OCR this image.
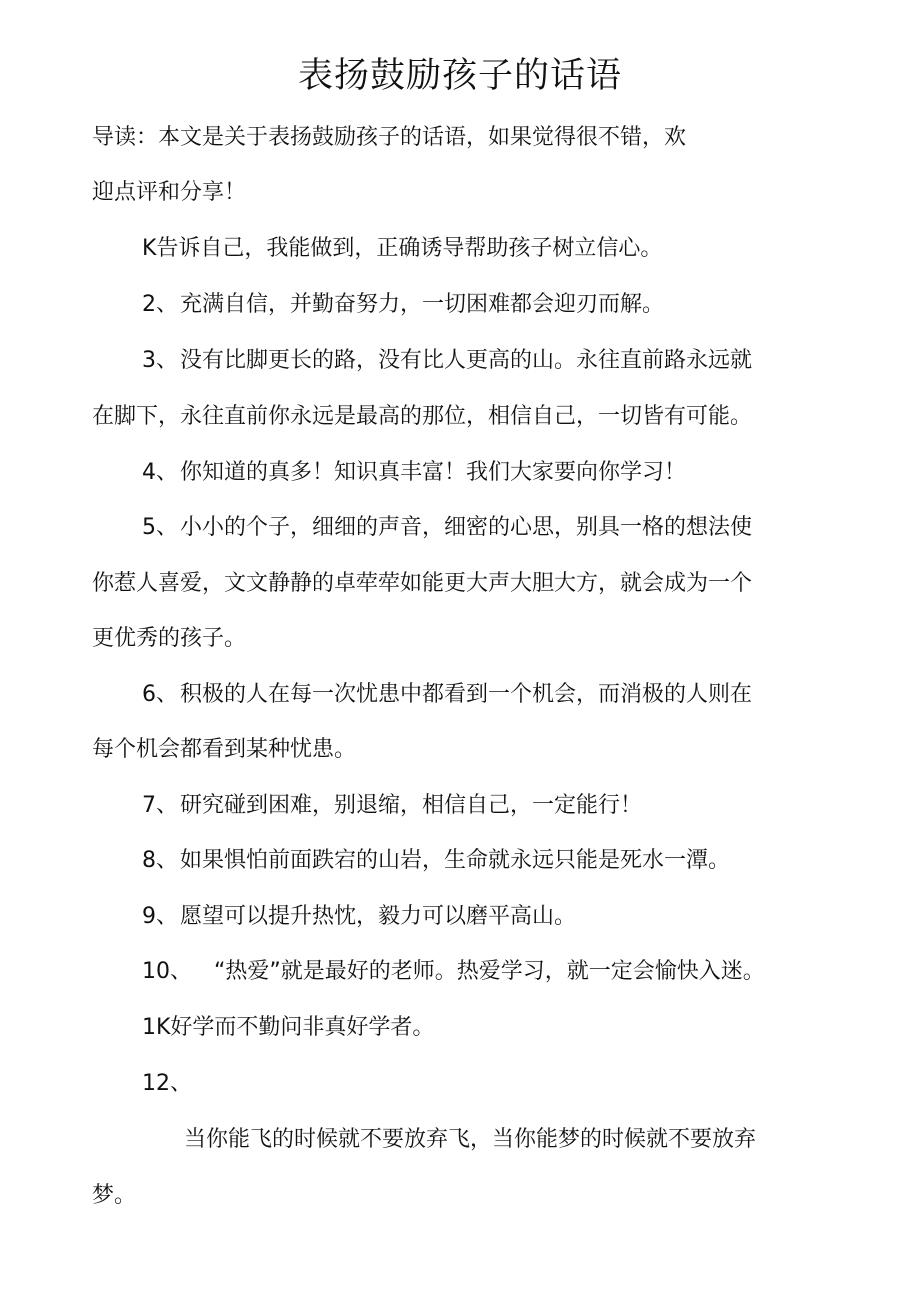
表扬鼓励孩子的话语
导读：本文是关于表扬鼓励孩子的话语，如果觉得很不错，欢
迎点评和分享！
K告诉自己，我能做到，正确诱导帮助孩子树立信心。
2、充满自信，并勤奋努力，一切困难都会迎刃而解。
3、没有比脚更长的路，没有比人更高的山。永往直前路永远就
在脚下，永往直前你永远是最高的那位，相信自己，一切皆有可能。
4、你知道的真多！知识真丰富！我们大家要向你学习！
5、小小的个子，细细的声音，细密的心思，别具一格的想法使
你惹人喜爱，文文静静的卓荦荦如能更大声大胆大方，就会成为一个
更优秀的孩子。
6、积极的人在每一次忧患中都看到一个机会，而消极的人则在
每个机会都看到某种忧患。
7、研究碰到困难，别退缩，相信自己，一定能行！
8、如果惧怕前面跌宕的山岩，生命就永远只能是死水一潭。
9、愿望可以提升热忱，毅力可以磨平高山。
10、 “热爱”就是最好的老师。热爱学习，就一定会愉快入迷。
1K好学而不勤问非真好学者。
12、
当你能飞的时候就不要放弃飞，当你能梦的时候就不要放弃
梦。
